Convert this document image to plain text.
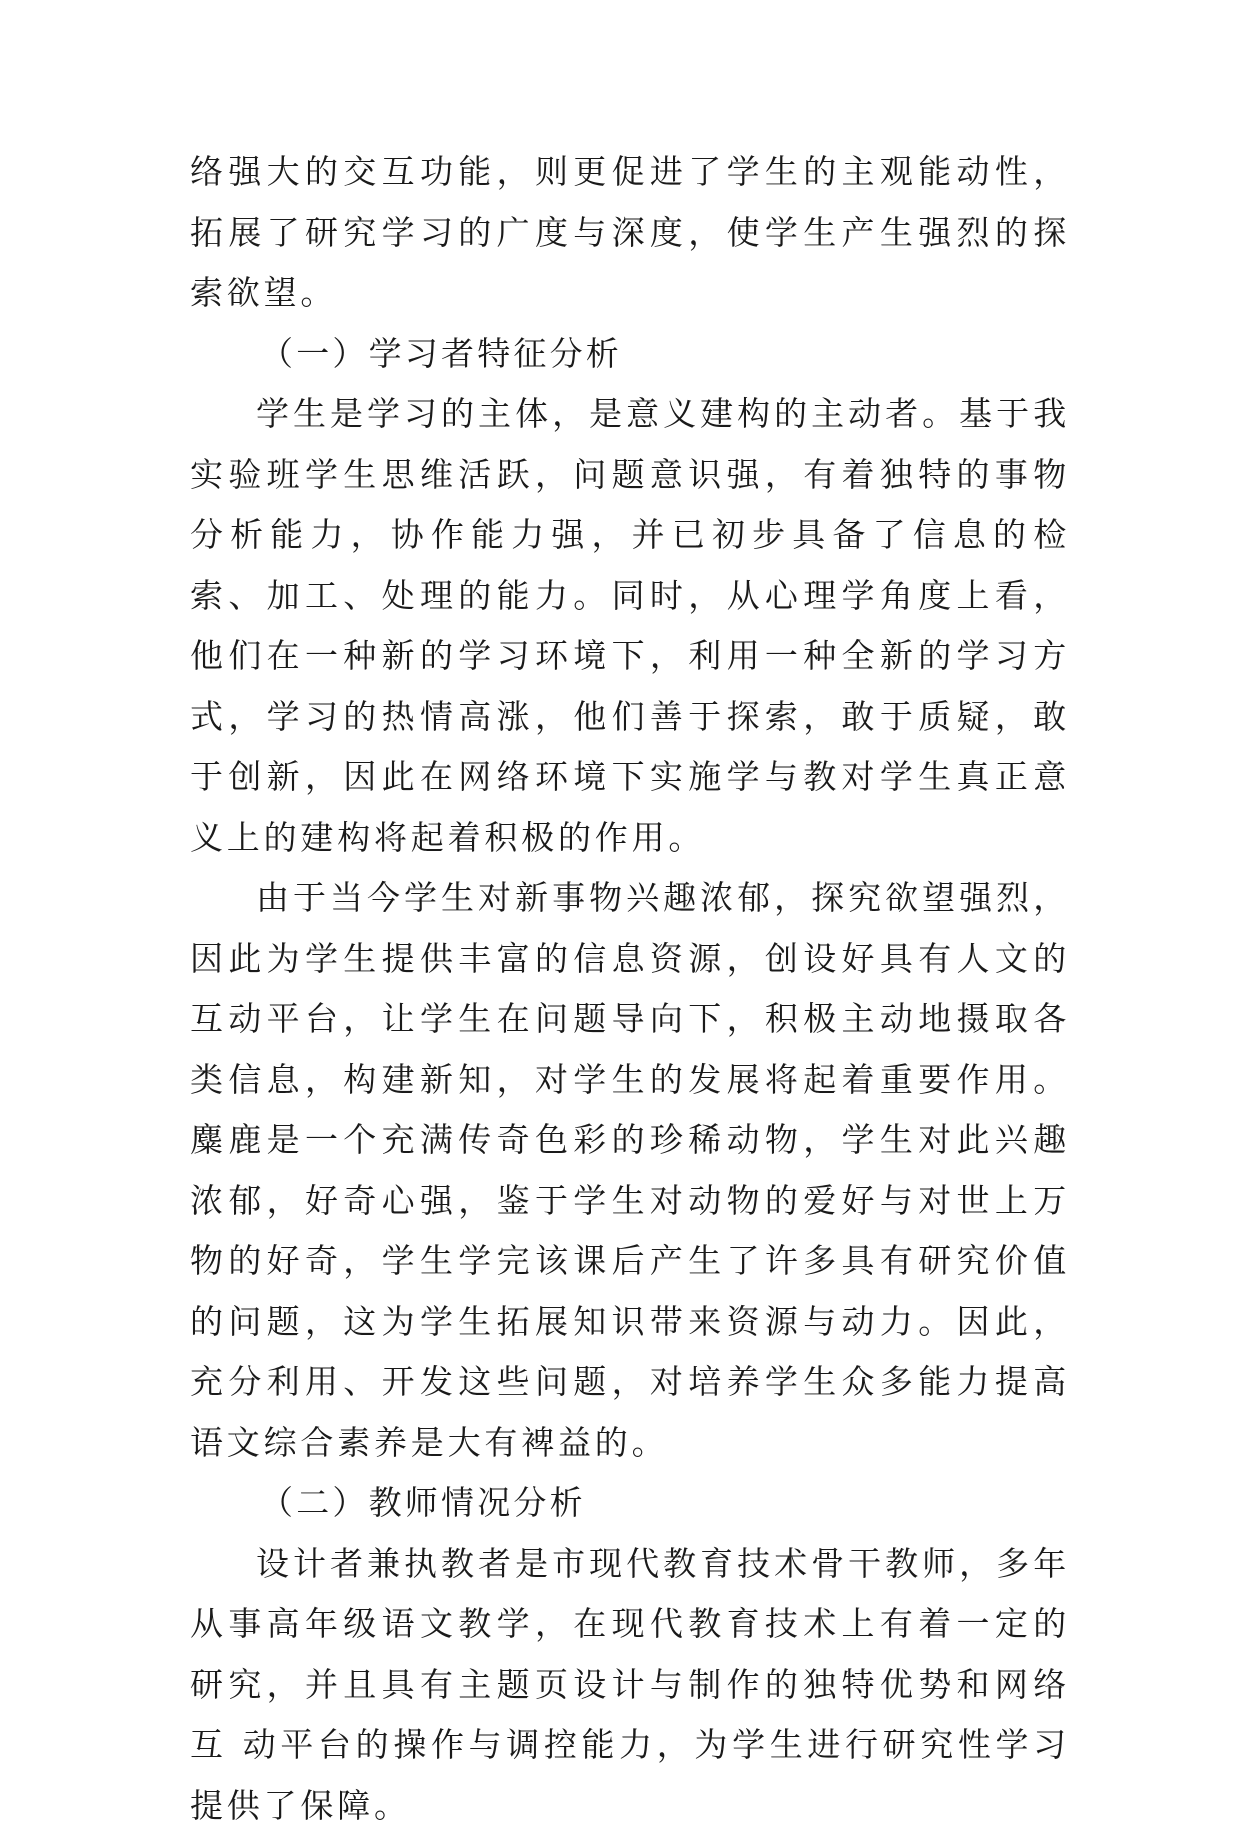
络强大的交互功能，则更促进了学生的主观能动性，拓展了研究学习的广度与深度，使学生产生强烈的探索欲望。

（一）学习者特征分析

学生是学习的主体，是意义建构的主动者。基于我实验班学生思维活跃，问题意识强，有着独特的事物分析能力，协作能力强，并已初步具备了信息的检索、加工、处理的能力。同时，从心理学角度上看，他们在一种新的学习环境下，利用一种全新的学习方式，学习的热情高涨，他们善于探索，敢于质疑，敢于创新，因此在网络环境下实施学与教对学生真正意义上的建构将起着积极的作用。

由于当今学生对新事物兴趣浓郁，探究欲望强烈，因此为学生提供丰富的信息资源，创设好具有人文的互动平台，让学生在问题导向下，积极主动地摄取各类信息，构建新知，对学生的发展将起着重要作用。 麋鹿是一个充满传奇色彩的珍稀动物，学生对此兴趣浓郁，好奇心强，鉴于学生对动物的爱好与对世上万物的好奇，学生学完该课后产生了许多具有研究价值的问题，这为学生拓展知识带来资源与动力。因此，充分利用、开发这些问题，对培养学生众多能力提高语文综合素养是大有裨益的。

（二）教师情况分析

设计者兼执教者是市现代教育技术骨干教师，多年从事高年级语文教学，在现代教育技术上有着一定的研究，并且具有主题页设计与制作的独特优势和网络互 动平台的操作与调控能力，为学生进行研究性学习提供了保障。
